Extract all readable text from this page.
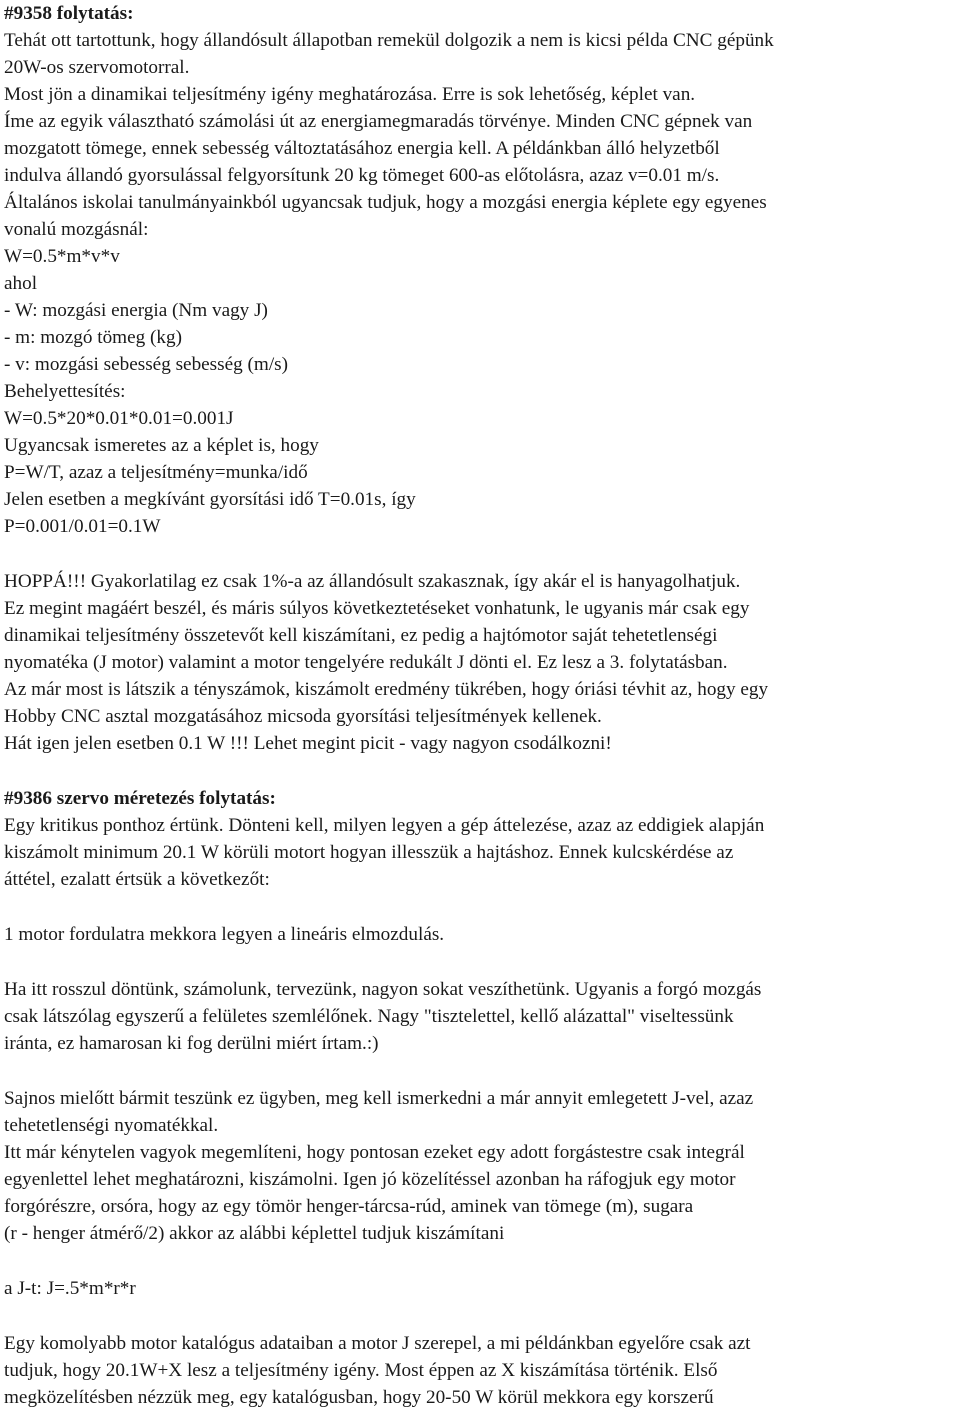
#9358 folytatás:
Tehát ott tartottunk, hogy állandósult állapotban remekül dolgozik a nem is kicsi példa CNC gépünk
20W-os szervomotorral.
Most jön a dinamikai teljesítmény igény meghatározása. Erre is sok lehetőség, képlet van.
Íme az egyik választható számolási út az energiamegmaradás törvénye. Minden CNC gépnek van
mozgatott tömege, ennek sebesség változtatásához energia kell. A példánkban álló helyzetből
indulva állandó gyorsulással felgyorsítunk 20 kg tömeget 600-as előtolásra, azaz v=0.01 m/s.
Általános iskolai tanulmányainkból ugyancsak tudjuk, hogy a mozgási energia képlete egy egyenes
vonalú mozgásnál:
W=0.5*m*v*v
ahol
- W: mozgási energia (Nm vagy J)
- m: mozgó tömeg (kg)
- v: mozgási sebesség sebesség (m/s)
Behelyettesítés:
W=0.5*20*0.01*0.01=0.001J
Ugyancsak ismeretes az a képlet is, hogy
P=W/T, azaz a teljesítmény=munka/idő
Jelen esetben a megkívánt gyorsítási idő T=0.01s, így
P=0.001/0.01=0.1W
HOPPÁ!!! Gyakorlatilag ez csak 1%-a az állandósult szakasznak, így akár el is hanyagolhatjuk.
Ez megint magáért beszél, és máris súlyos következtetéseket vonhatunk, le ugyanis már csak egy
dinamikai teljesítmény összetevőt kell kiszámítani, ez pedig a hajtómotor saját tehetetlenségi
nyomatéka (J motor) valamint a motor tengelyére redukált J dönti el. Ez lesz a 3. folytatásban.
Az már most is látszik a tényszámok, kiszámolt eredmény tükrében, hogy óriási tévhit az, hogy egy
Hobby CNC asztal mozgatásához micsoda gyorsítási teljesítmények kellenek.
Hát igen jelen esetben 0.1 W !!! Lehet megint picit - vagy nagyon csodálkozni!
#9386 szervo méretezés folytatás:
Egy kritikus ponthoz értünk. Dönteni kell, milyen legyen a gép áttelezése, azaz az eddigiek alapján
kiszámolt minimum 20.1 W körüli motort hogyan illesszük a hajtáshoz. Ennek kulcskérdése az
áttétel, ezalatt értsük a következőt:
1 motor fordulatra mekkora legyen a lineáris elmozdulás.
Ha itt rosszul döntünk, számolunk, tervezünk, nagyon sokat veszíthetünk. Ugyanis a forgó mozgás
csak látszólag egyszerű a felületes szemlélőnek. Nagy "tisztelettel, kellő alázattal" viseltessünk
iránta, ez hamarosan ki fog derülni miért írtam.:)
Sajnos mielőtt bármit teszünk ez ügyben, meg kell ismerkedni a már annyit emlegetett J-vel, azaz
tehetetlenségi nyomatékkal.
Itt már kénytelen vagyok megemlíteni, hogy pontosan ezeket egy adott forgástestre csak integrál
egyenlettel lehet meghatározni, kiszámolni. Igen jó közelítéssel azonban ha ráfogjuk egy motor
forgórészre, orsóra, hogy az egy tömör henger-tárcsa-rúd, aminek van tömege (m), sugara
(r - henger átmérő/2) akkor az alábbi képlettel tudjuk kiszámítani
a J-t: J=.5*m*r*r
Egy komolyabb motor katalógus adataiban a motor J szerepel, a mi példánkban egyelőre csak azt
tudjuk, hogy 20.1W+X lesz a teljesítmény igény. Most éppen az X kiszámítása történik. Első
megközelítésben nézzük meg, egy katalógusban, hogy 20-50 W körül mekkora egy korszerű
